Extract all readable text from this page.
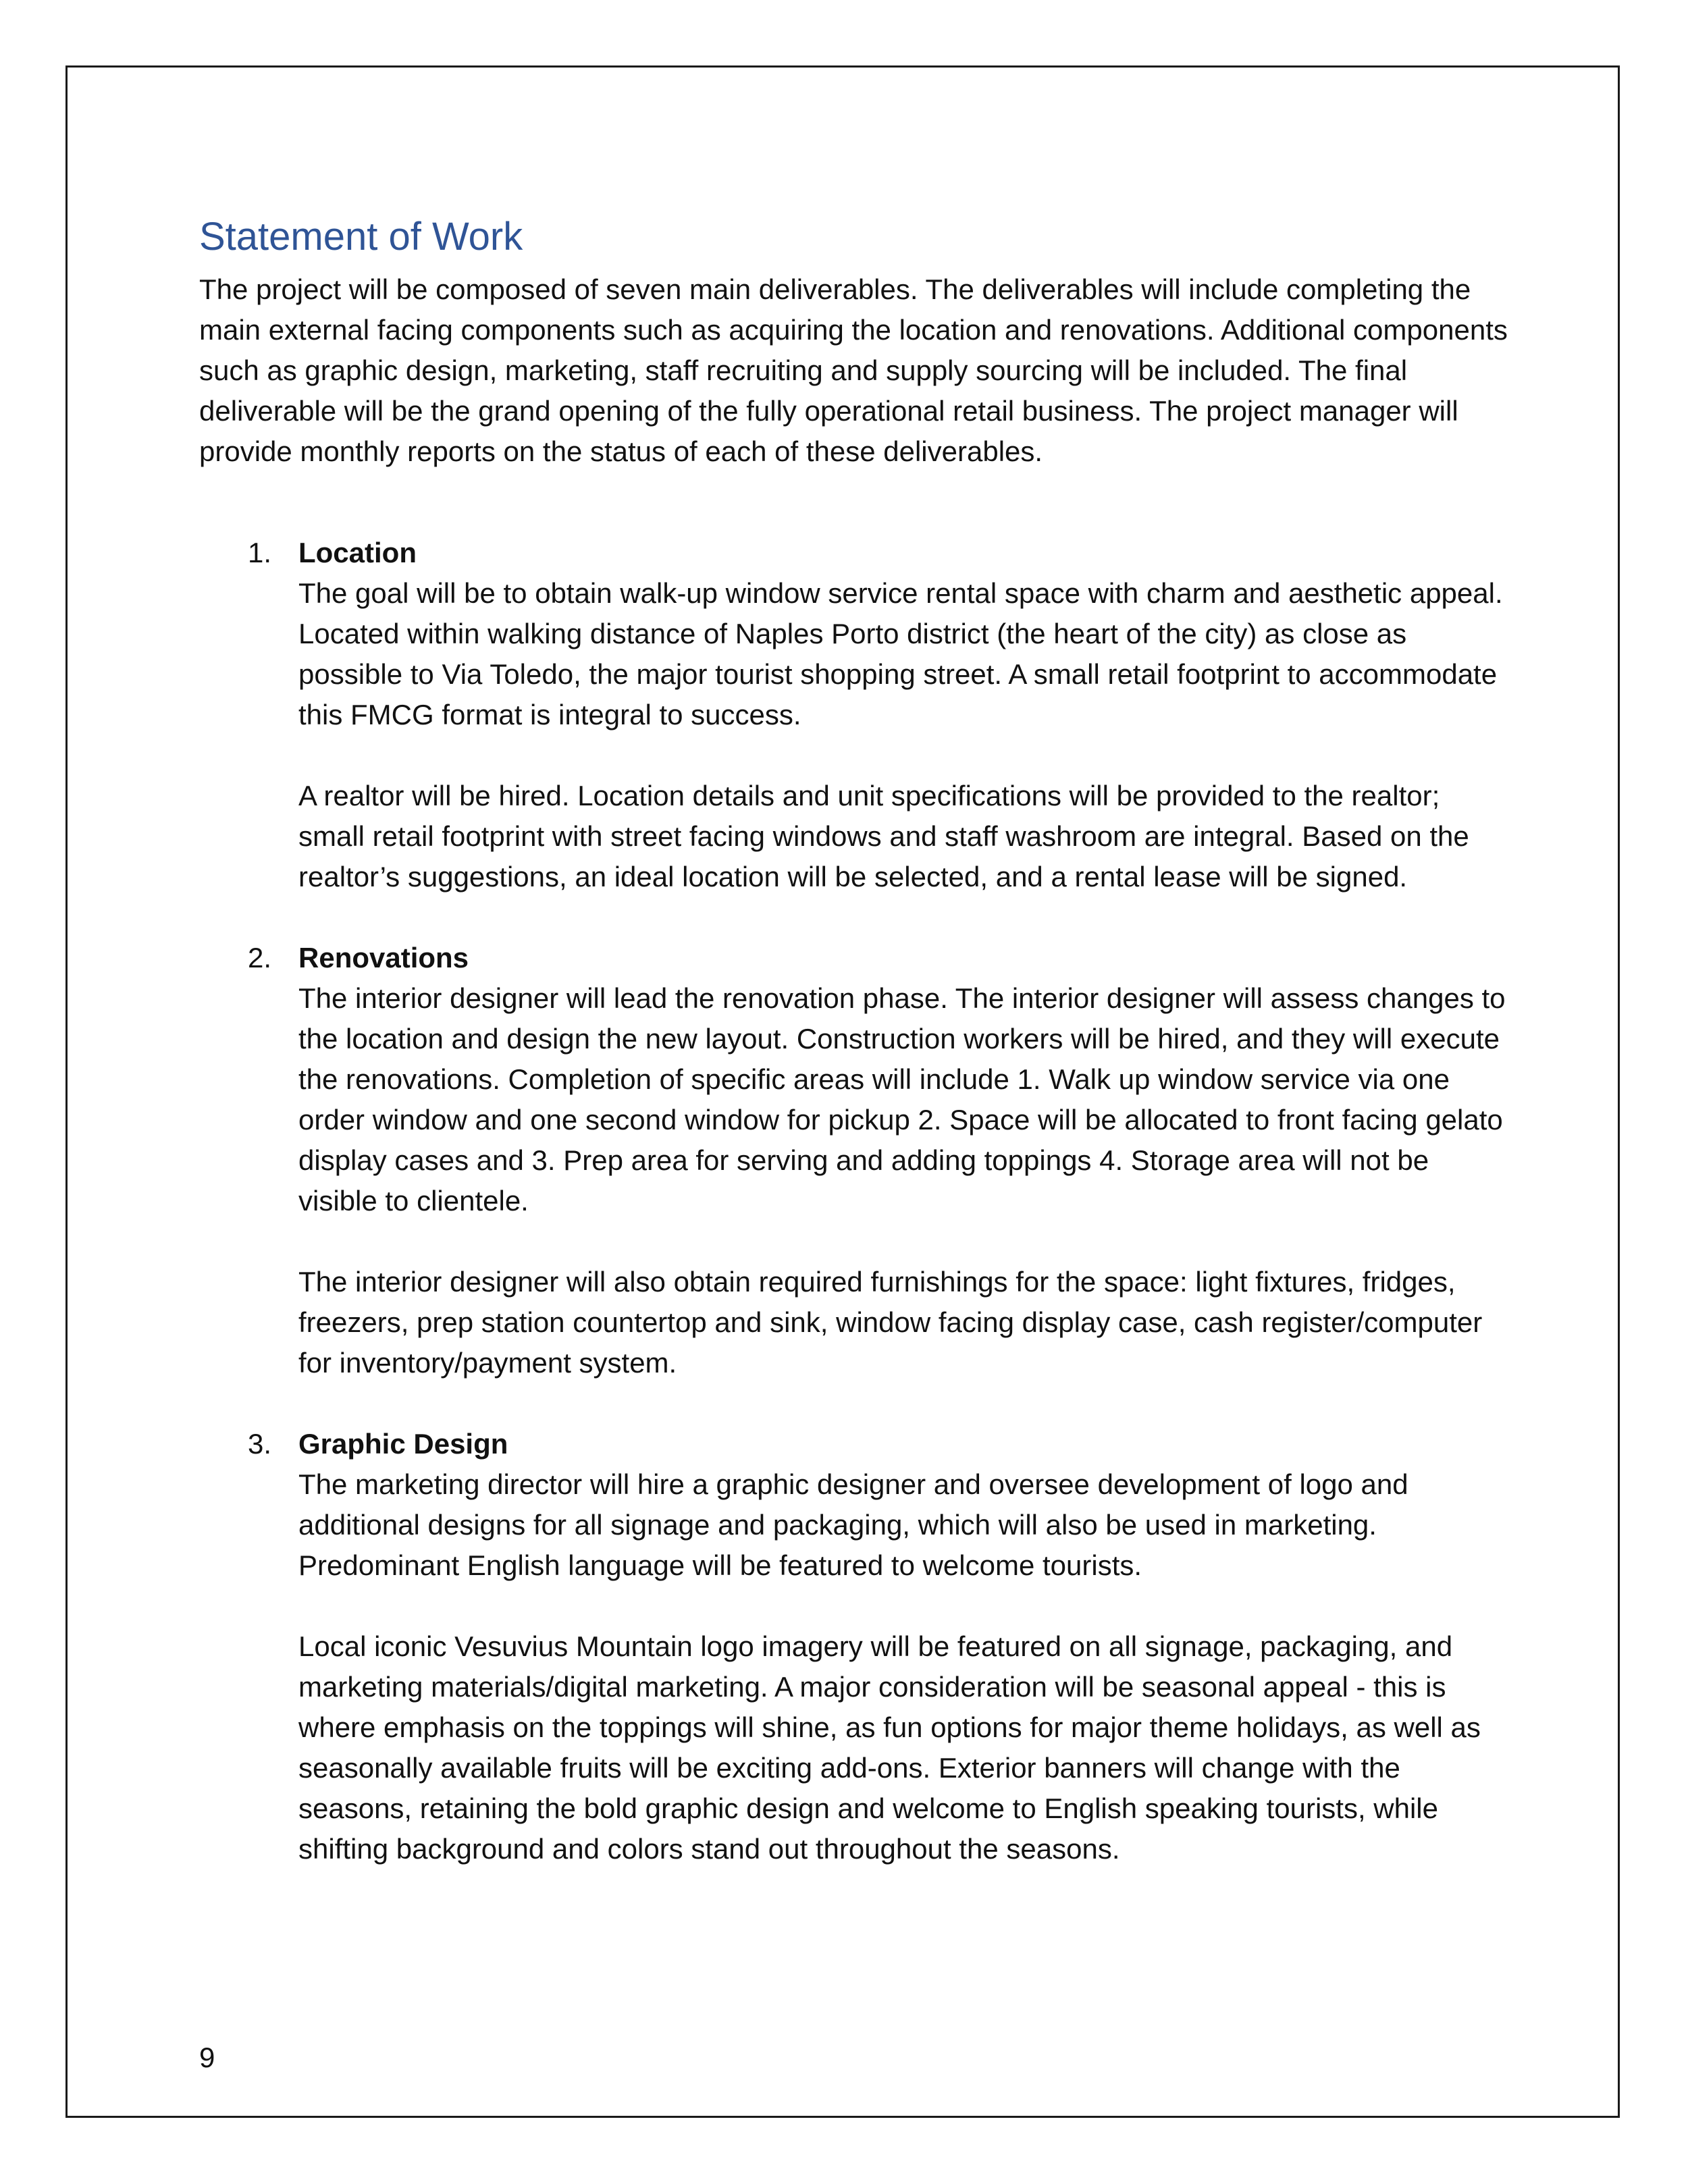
Statement of Work

The project will be composed of seven main deliverables. The deliverables will include completing the main external facing components such as acquiring the location and renovations. Additional components such as graphic design, marketing, staff recruiting and supply sourcing will be included. The final deliverable will be the grand opening of the fully operational retail business. The project manager will provide monthly reports on the status of each of these deliverables.

1. Location

The goal will be to obtain walk-up window service rental space with charm and aesthetic appeal. Located within walking distance of Naples Porto district (the heart of the city) as close as possible to Via Toledo, the major tourist shopping street. A small retail footprint to accommodate this FMCG format is integral to success.

A realtor will be hired. Location details and unit specifications will be provided to the realtor; small retail footprint with street facing windows and staff washroom are integral. Based on the realtor’s suggestions, an ideal location will be selected, and a rental lease will be signed.

2. Renovations

The interior designer will lead the renovation phase. The interior designer will assess changes to the location and design the new layout. Construction workers will be hired, and they will execute the renovations. Completion of specific areas will include 1. Walk up window service via one order window and one second window for pickup 2. Space will be allocated to front facing gelato display cases and 3. Prep area for serving and adding toppings 4. Storage area will not be visible to clientele.

The interior designer will also obtain required furnishings for the space: light fixtures, fridges, freezers, prep station countertop and sink, window facing display case, cash register/computer for inventory/payment system.

3. Graphic Design

The marketing director will hire a graphic designer and oversee development of logo and additional designs for all signage and packaging, which will also be used in marketing. Predominant English language will be featured to welcome tourists.

Local iconic Vesuvius Mountain logo imagery will be featured on all signage, packaging, and marketing materials/digital marketing. A major consideration will be seasonal appeal - this is where emphasis on the toppings will shine, as fun options for major theme holidays, as well as seasonally available fruits will be exciting add-ons. Exterior banners will change with the seasons, retaining the bold graphic design and welcome to English speaking tourists, while shifting background and colors stand out throughout the seasons.

9
